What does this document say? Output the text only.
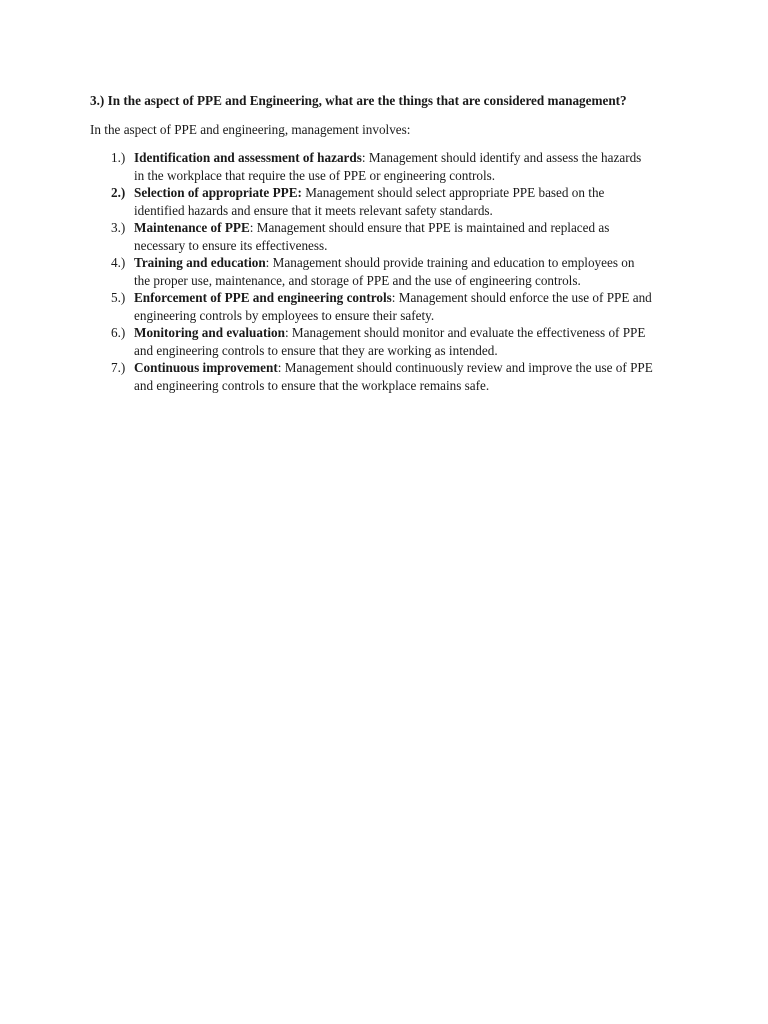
3.) In the aspect of PPE and Engineering, what are the things that are considered management?
In the aspect of PPE and engineering, management involves:
1.) Identification and assessment of hazards: Management should identify and assess the hazards
in the workplace that require the use of PPE or engineering controls.
2.) Selection of appropriate PPE: Management should select appropriate PPE based on the
identified hazards and ensure that it meets relevant safety standards.
3.) Maintenance of PPE: Management should ensure that PPE is maintained and replaced as
necessary to ensure its effectiveness.
4.) Training and education: Management should provide training and education to employees on
the proper use, maintenance, and storage of PPE and the use of engineering controls.
5.) Enforcement of PPE and engineering controls: Management should enforce the use of PPE and
engineering controls by employees to ensure their safety.
6.) Monitoring and evaluation: Management should monitor and evaluate the effectiveness of PPE
and engineering controls to ensure that they are working as intended.
7.) Continuous improvement: Management should continuously review and improve the use of PPE
and engineering controls to ensure that the workplace remains safe.
